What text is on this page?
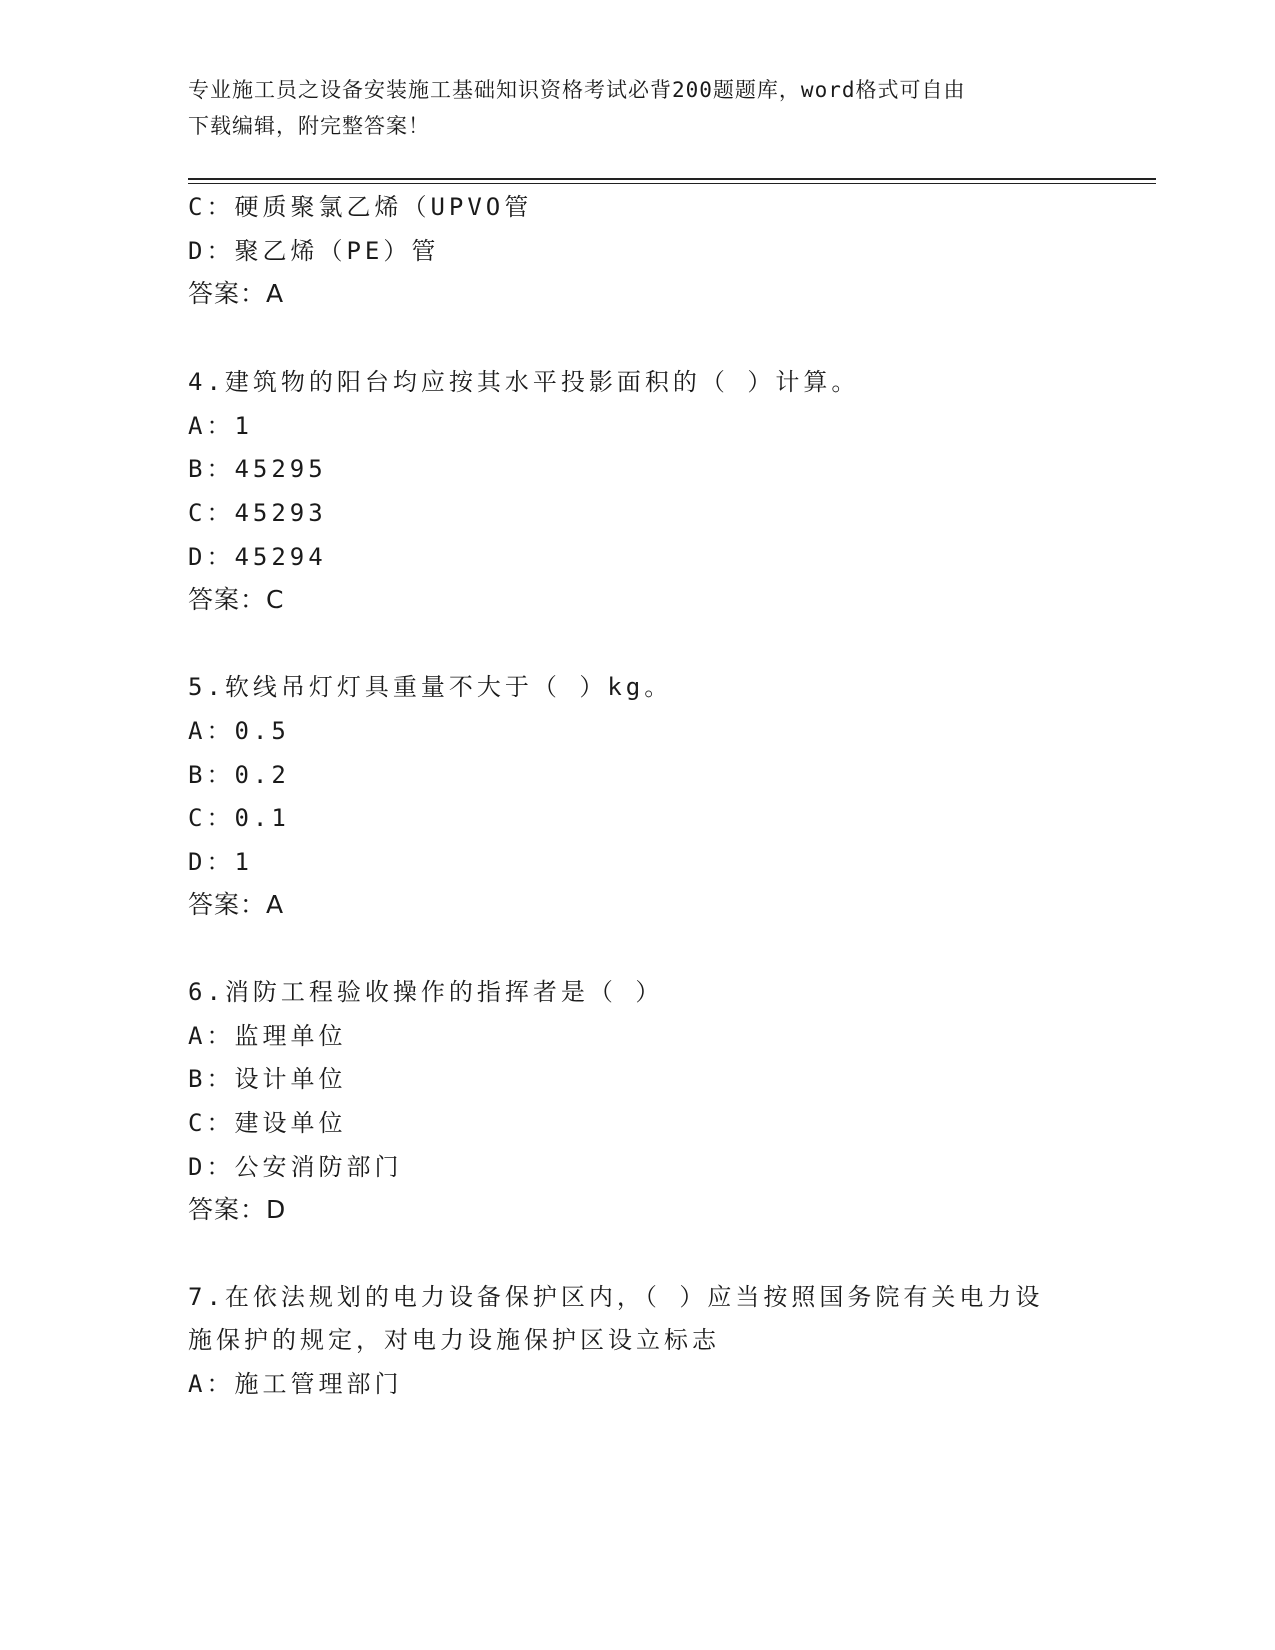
专业施工员之设备安装施工基础知识资格考试必背200题题库，word格式可自由
下载编辑，附完整答案！
C：硬质聚氯乙烯（UPVO管
D：聚乙烯（PE）管
答案：A
4.建筑物的阳台均应按其水平投影面积的（ ）计算。
A：1
B：45295
C：45293
D：45294
答案：C
5.软线吊灯灯具重量不大于（ ）kg。
A：0.5
B：0.2
C：0.1
D：1
答案：A
6.消防工程验收操作的指挥者是（ ）
A：监理单位
B：设计单位
C：建设单位
D：公安消防部门
答案：D
7.在依法规划的电力设备保护区内，（ ）应当按照国务院有关电力设
施保护的规定，对电力设施保护区设立标志
A：施工管理部门
